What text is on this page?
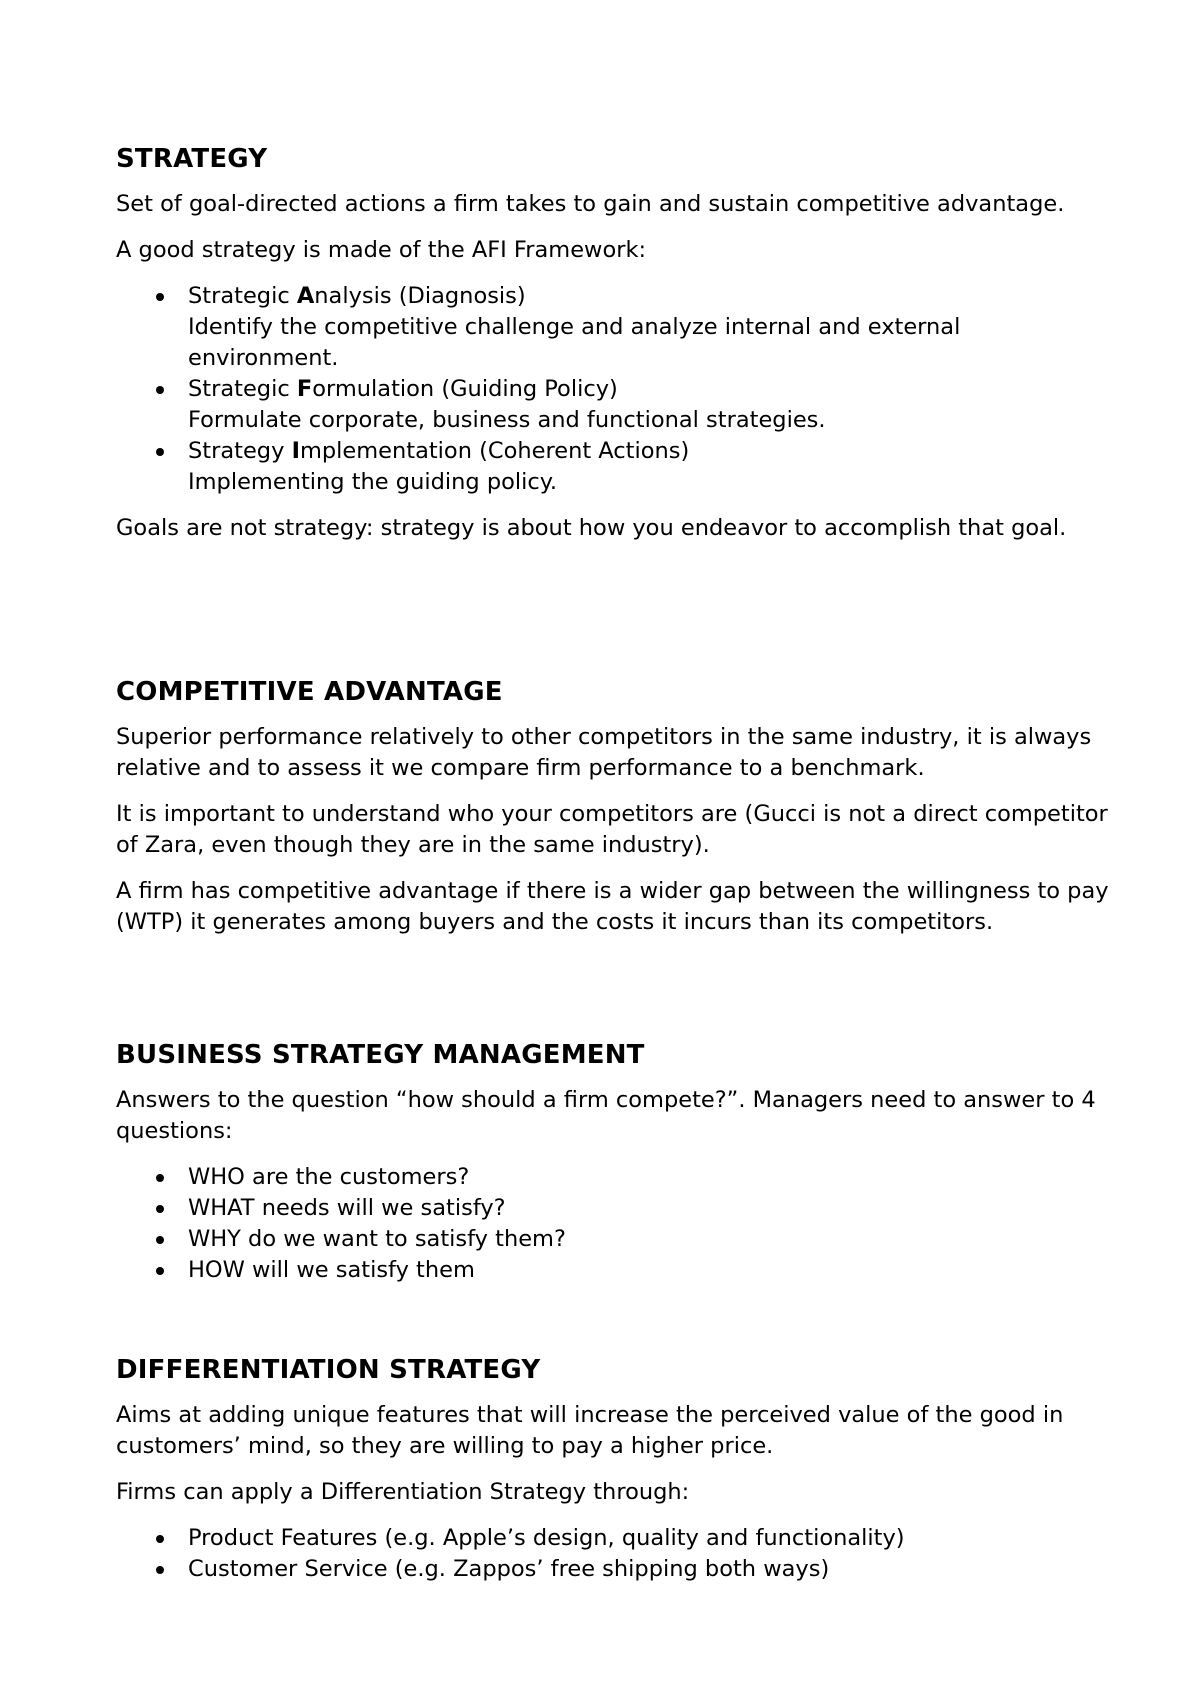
STRATEGY

Set of goal-directed actions a firm takes to gain and sustain competitive advantage.

A good strategy is made of the AFI Framework:

Strategic Analysis (Diagnosis)
Identify the competitive challenge and analyze internal and external environment.
Strategic Formulation (Guiding Policy)
Formulate corporate, business and functional strategies.
Strategy Implementation (Coherent Actions)
Implementing the guiding policy.

Goals are not strategy: strategy is about how you endeavor to accomplish that goal.

COMPETITIVE ADVANTAGE

Superior performance relatively to other competitors in the same industry, it is always relative and to assess it we compare firm performance to a benchmark.

It is important to understand who your competitors are (Gucci is not a direct competitor of Zara, even though they are in the same industry).

A firm has competitive advantage if there is a wider gap between the willingness to pay (WTP) it generates among buyers and the costs it incurs than its competitors.

BUSINESS STRATEGY MANAGEMENT

Answers to the question “how should a firm compete?”. Managers need to answer to 4 questions:

WHO are the customers?
WHAT needs will we satisfy?
WHY do we want to satisfy them?
HOW will we satisfy them
DIFFERENTIATION STRATEGY

Aims at adding unique features that will increase the perceived value of the good in customers’ mind, so they are willing to pay a higher price.

Firms can apply a Differentiation Strategy through:

Product Features (e.g. Apple’s design, quality and functionality)
Customer Service (e.g. Zappos’ free shipping both ways)
